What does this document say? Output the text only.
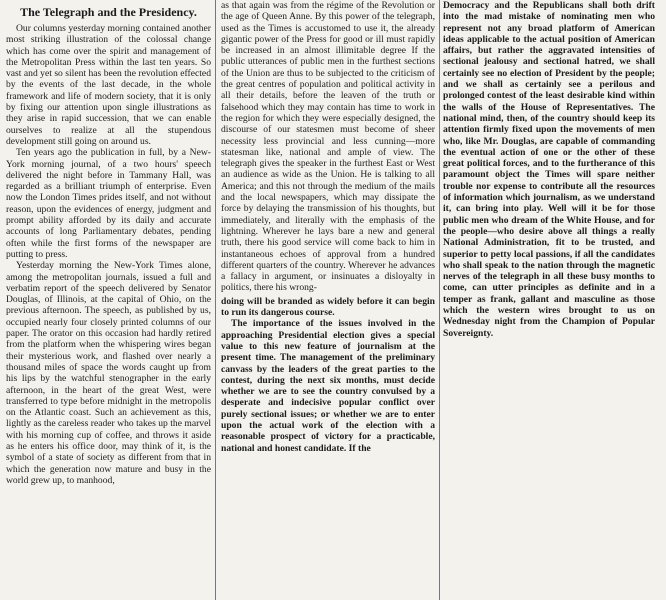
The Telegraph and the Presidency.

Our columns yesterday morning contained another most striking illustration of the colossal change which has come over the spirit and management of the Metropolitan Press within the last ten years. So vast and yet so silent has been the revolution effected by the events of the last decade, in the whole framework and life of modern society, that it is only by fixing our attention upon single illustrations as they arise in rapid succession, that we can enable ourselves to realize at all the stupendous development still going on around us.

Ten years ago the publication in full, by a New-York morning journal, of a two hours' speech delivered the night before in Tammany Hall, was regarded as a brilliant triumph of enterprise. Even now the London Times prides itself, and not without reason, upon the evidences of energy, judgment and prompt ability afforded by its daily and accurate accounts of long Parliamentary debates, pending often while the first forms of the newspaper are putting to press.

Yesterday morning the New-York Times alone, among the metropolitan journals, issued a full and verbatim report of the speech delivered by Senator Douglas, of Illinois, at the capital of Ohio, on the previous afternoon. The speech, as published by us, occupied nearly four closely printed columns of our paper. The orator on this occasion had hardly retired from the platform when the whispering wires began their mysterious work, and flashed over nearly a thousand miles of space the words caught up from his lips by the watchful stenographer in the early afternoon, in the heart of the great West, were transferred to type before midnight in the metropolis on the Atlantic coast. Such an achievement as this, lightly as the careless reader who takes up the marvel with his morning cup of coffee, and throws it aside as he enters his office door, may think of it, is the symbol of a state of society as different from that in which the generation now mature and busy in the world grew up, to manhood,

as that again was from the régime of the Revolution or the age of Queen Anne. By this power of the telegraph, used as the Times is accustomed to use it, the already gigantic power of the Press for good or ill must rapidly be increased in an almost illimitable degree If the public utterances of public men in the furthest sections of the Union are thus to be subjected to the criticism of the great centres of population and political activity in all their details, before the leaven of the truth or falsehood which they may contain has time to work in the region for which they were especially designed, the discourse of our statesmen must become of sheer necessity less provincial and less cunning—more statesman like, national and ample of view. The telegraph gives the speaker in the furthest East or West an audience as wide as the Union. He is talking to all America; and this not through the medium of the mails and the local newspapers, which may dissipate the force by delaying the transmission of his thoughts, but immediately, and literally with the emphasis of the lightning. Wherever he lays bare a new and general truth, there his good service will come back to him in instantaneous echoes of approval from a hundred different quarters of the country. Wherever he advances a fallacy in argument, or insinuates a disloyalty in politics, there his wrong-

doing will be branded as widely before it can begin to run its dangerous course.

The importance of the issues involved in the approaching Presidential election gives a special value to this new feature of journalism at the present time. The management of the preliminary canvass by the leaders of the great parties to the contest, during the next six months, must decide whether we are to see the country convulsed by a desperate and indecisive popular conflict over purely sectional issues; or whether we are to enter upon the actual work of the election with a reasonable prospect of victory for a practicable, national and honest candidate. If the

Democracy and the Republicans shall both drift into the mad mistake of nominating men who represent not any broad platform of American ideas applicable to the actual position of American affairs, but rather the aggravated intensities of sectional jealousy and sectional hatred, we shall certainly see no election of President by the people; and we shall as certainly see a perilous and prolonged contest of the least desirable kind within the walls of the House of Representatives. The national mind, then, of the country should keep its attention firmly fixed upon the movements of men who, like Mr. Douglas, are capable of commanding the eventual action of one or the other of these great political forces, and to the furtherance of this paramount object the Times will spare neither trouble nor expense to contribute all the resources of information which journalism, as we understand it, can bring into play. Well will it be for those public men who dream of the White House, and for the people—who desire above all things a really National Administration, fit to be trusted, and superior to petty local passions, if all the candidates who shall speak to the nation through the magnetic nerves of the telegraph in all these busy months to come, can utter principles as definite and in a temper as frank, gallant and masculine as those which the western wires brought to us on Wednesday night from the Champion of Popular Sovereignty.
